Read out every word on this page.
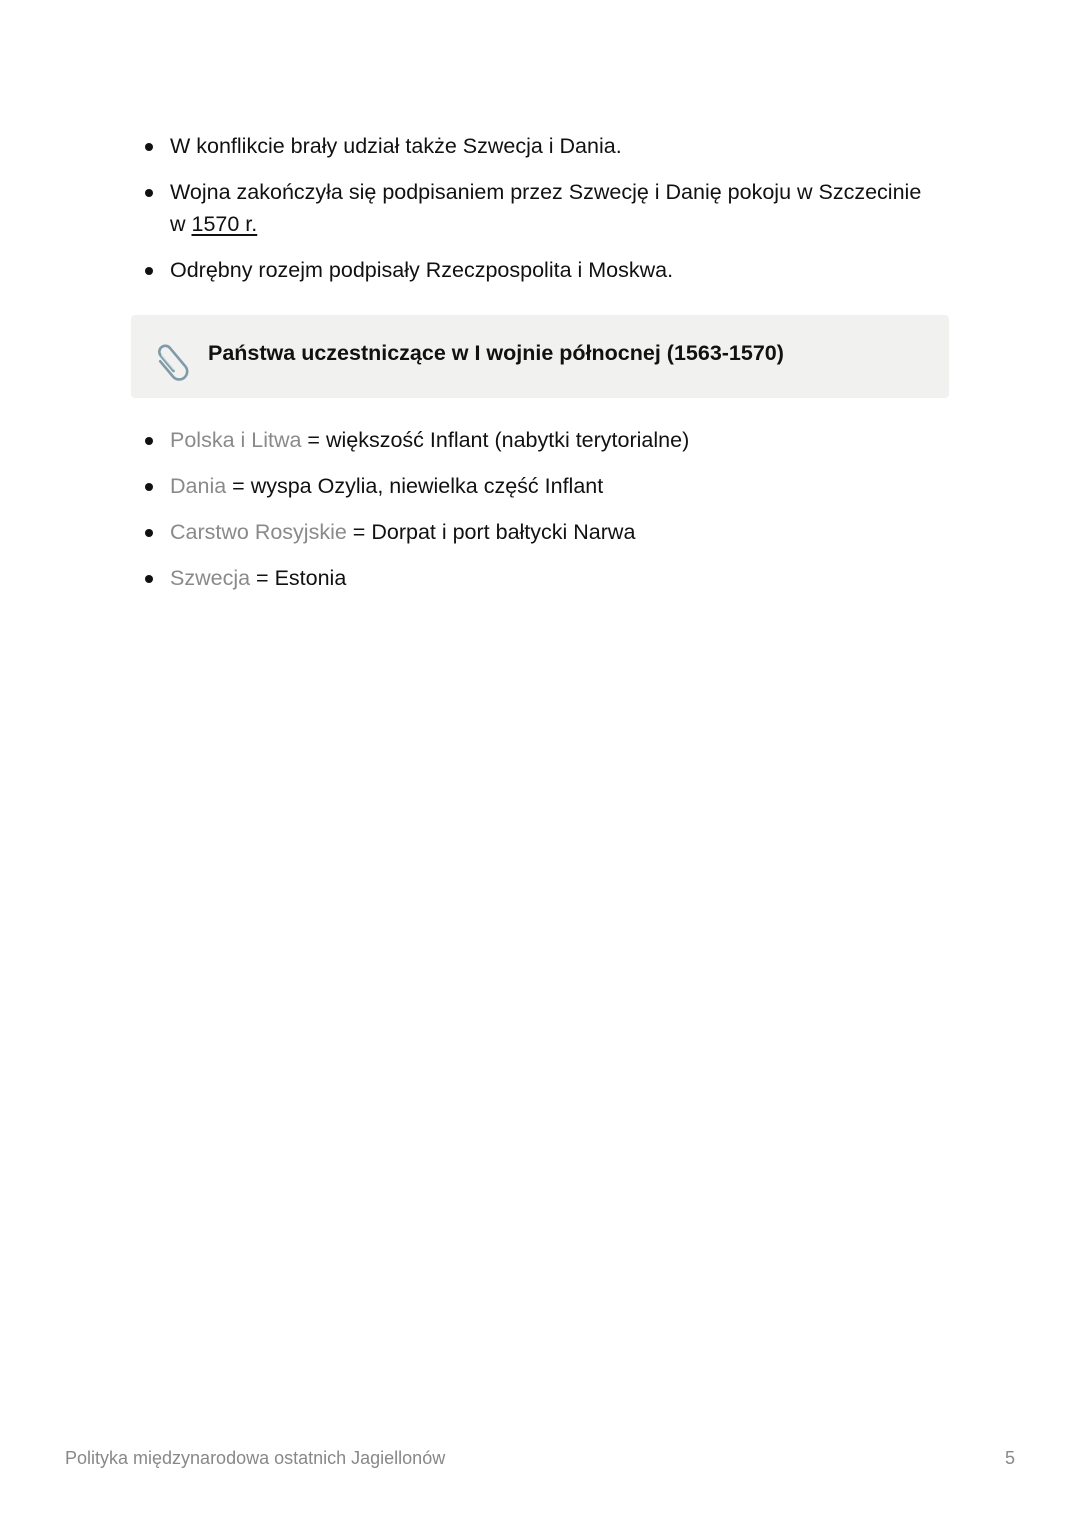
W konflikcie brały udział także Szwecja i Dania.
Wojna zakończyła się podpisaniem przez Szwecję i Danię pokoju w Szczecinie
w 1570 r.
Odrębny rozejm podpisały Rzeczpospolita i Moskwa.
Państwa uczestniczące w I wojnie północnej (1563-1570)
Polska i Litwa = większość Inflant (nabytki terytorialne)
Dania = wyspa Ozylia, niewielka część Inflant
Carstwo Rosyjskie = Dorpat i port bałtycki Narwa
Szwecja = Estonia
Polityka międzynarodowa ostatnich Jagiellonów	5
